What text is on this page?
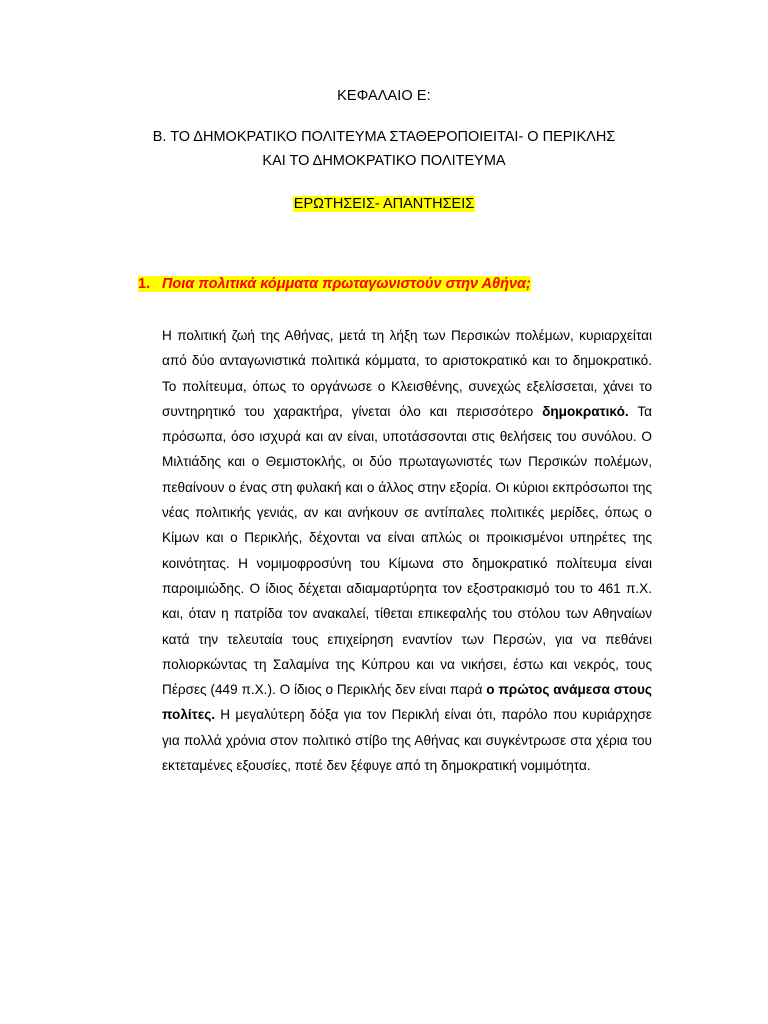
ΚΕΦΑΛΑΙΟ Ε:
Β. ΤΟ ΔΗΜΟΚΡΑΤΙΚΟ ΠΟΛΙΤΕΥΜΑ ΣΤΑΘΕΡΟΠΟΙΕΙΤΑΙ- Ο ΠΕΡΙΚΛΗΣ
ΚΑΙ ΤΟ ΔΗΜΟΚΡΑΤΙΚΟ ΠΟΛΙΤΕΥΜΑ
ΕΡΩΤΗΣΕΙΣ- ΑΠΑΝΤΗΣΕΙΣ
1. Ποια πολιτικά κόμματα πρωταγωνιστούν στην Αθήνα;
Η πολιτική ζωή της Αθήνας, μετά τη λήξη των Περσικών πολέμων, κυριαρχείται από δύο ανταγωνιστικά πολιτικά κόμματα, το αριστοκρατικό και το δημοκρατικό. Το πολίτευμα, όπως το οργάνωσε ο Κλεισθένης, συνεχώς εξελίσσεται, χάνει το συντηρητικό του χαρακτήρα, γίνεται όλο και περισσότερο δημοκρατικό. Τα πρόσωπα, όσο ισχυρά και αν είναι, υποτάσσονται στις θελήσεις του συνόλου. Ο Μιλτιάδης και ο Θεμιστοκλής, οι δύο πρωταγωνιστές των Περσικών πολέμων, πεθαίνουν ο ένας στη φυλακή και ο άλλος στην εξορία. Οι κύριοι εκπρόσωποι της νέας πολιτικής γενιάς, αν και ανήκουν σε αντίπαλες πολιτικές μερίδες, όπως ο Κίμων και ο Περικλής, δέχονται να είναι απλώς οι προικισμένοι υπηρέτες της κοινότητας. Η νομιμοφροσύνη του Κίμωνα στο δημοκρατικό πολίτευμα είναι παροιμιώδης. Ο ίδιος δέχεται αδιαμαρτύρητα τον εξοστρακισμό του το 461 π.Χ. και, όταν η πατρίδα τον ανακαλεί, τίθεται επικεφαλής του στόλου των Αθηναίων κατά την τελευταία τους επιχείρηση εναντίον των Περσών, για να πεθάνει πολιορκώντας τη Σαλαμίνα της Κύπρου και να νικήσει, έστω και νεκρός, τους Πέρσες (449 π.Χ.). Ο ίδιος ο Περικλής δεν είναι παρά ο πρώτος ανάμεσα στους πολίτες. Η μεγαλύτερη δόξα για τον Περικλή είναι ότι, παρόλο που κυριάρχησε για πολλά χρόνια στον πολιτικό στίβο της Αθήνας και συγκέντρωσε στα χέρια του εκτεταμένες εξουσίες, ποτέ δεν ξέφυγε από τη δημοκρατική νομιμότητα.
